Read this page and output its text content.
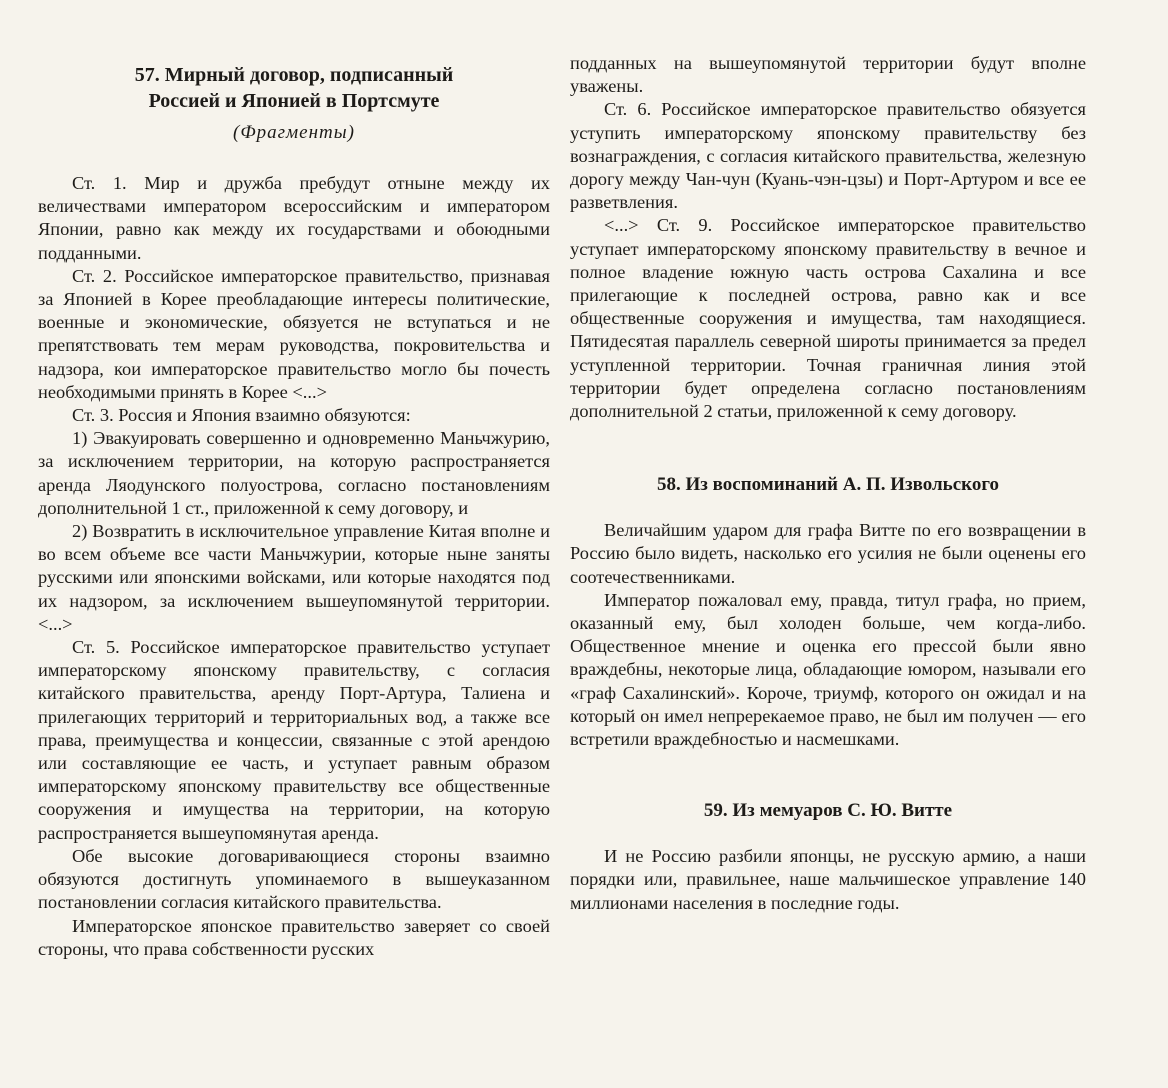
57. Мирный договор, подписанный
Россией и Японией в Портсмуте
(Фрагменты)

Ст. 1. Мир и дружба пребудут отныне между их величествами императором всероссийским и императором Японии, равно как между их государствами и обоюдными подданными.

Ст. 2. Российское императорское правительство, признавая за Японией в Корее преобладающие интересы политические, военные и экономические, обязуется не вступаться и не препятствовать тем мерам руководства, покровительства и надзора, кои императорское правительство могло бы почесть необходимыми принять в Корее <...>

Ст. 3. Россия и Япония взаимно обязуются:

1) Эвакуировать совершенно и одновременно Маньчжурию, за исключением территории, на которую распространяется аренда Ляодунского полуострова, согласно постановлениям дополнительной 1 ст., приложенной к сему договору, и

2) Возвратить в исключительное управление Китая вполне и во всем объеме все части Маньчжурии, которые ныне заняты русскими или японскими войсками, или которые находятся под их надзором, за исключением вышеупомянутой территории. <...>

Ст. 5. Российское императорское правительство уступает императорскому японскому правительству, с согласия китайского правительства, аренду Порт-Артура, Талиена и прилегающих территорий и территориальных вод, а также все права, преимущества и концессии, связанные с этой арендою или составляющие ее часть, и уступает равным образом императорскому японскому правительству все общественные сооружения и имущества на территории, на которую распространяется вышеупомянутая аренда.

Обе высокие договаривающиеся стороны взаимно обязуются достигнуть упоминаемого в вышеуказанном постановлении согласия китайского правительства.

Императорское японское правительство заверяет со своей стороны, что права собственности русских

подданных на вышеупомянутой территории будут вполне уважены.

Ст. 6. Российское императорское правительство обязуется уступить императорскому японскому правительству без вознаграждения, с согласия китайского правительства, железную дорогу между Чан-чун (Куань-чэн-цзы) и Порт-Артуром и все ее разветвления.

<...> Ст. 9. Российское императорское правительство уступает императорскому японскому правительству в вечное и полное владение южную часть острова Сахалина и все прилегающие к последней острова, равно как и все общественные сооружения и имущества, там находящиеся. Пятидесятая параллель северной широты принимается за предел уступленной территории. Точная граничная линия этой территории будет определена согласно постановлениям дополнительной 2 статьи, приложенной к сему договору.

58. Из воспоминаний А. П. Извольского

Величайшим ударом для графа Витте по его возвращении в Россию было видеть, насколько его усилия не были оценены его соотечественниками.

Император пожаловал ему, правда, титул графа, но прием, оказанный ему, был холоден больше, чем когда-либо. Общественное мнение и оценка его прессой были явно враждебны, некоторые лица, обладающие юмором, называли его «граф Сахалинский». Короче, триумф, которого он ожидал и на который он имел непререкаемое право, не был им получен — его встретили враждебностью и насмешками.

59. Из мемуаров С. Ю. Витте

И не Россию разбили японцы, не русскую армию, а наши порядки или, правильнее, наше мальчишеское управление 140 миллионами населения в последние годы.
